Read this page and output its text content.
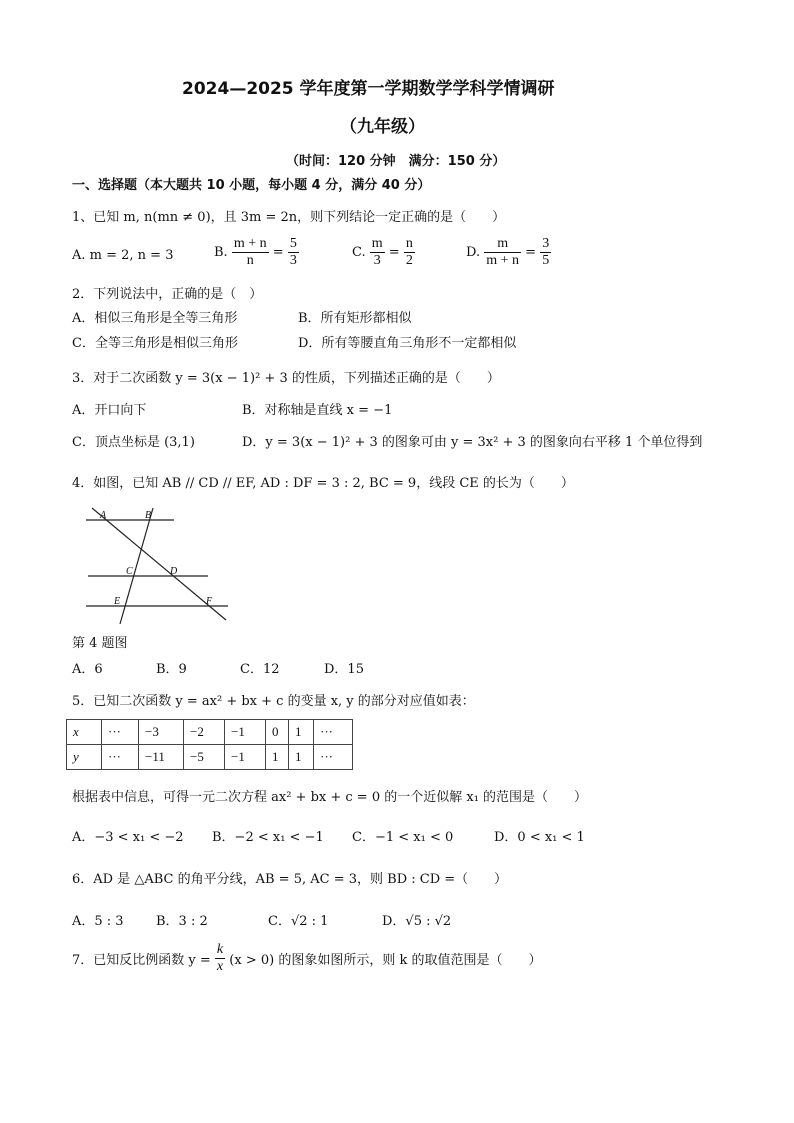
2024—2025 学年度第一学期数学学科学情调研
（九年级）
（时间：120 分钟　满分：150 分）
一、选择题（本大题共 10 小题，每小题 4 分，满分 40 分）
1、已知 m, n(mn ≠ 0)，且 3m = 2n，则下列结论一定正确的是（　　）
A. m = 2, n = 3	B. $\frac{m + n}{n} = \frac{5}{3}$	C. $\frac{m}{3} = \frac{n}{2}$	D. $\frac{m}{m + n} = \frac{3}{5}$
2．下列说法中，正确的是（　）
A．相似三角形是全等三角形	B．所有矩形都相似
C．全等三角形是相似三角形	D．所有等腰直角三角形不一定都相似
3．对于二次函数 y = 3(x − 1)² + 3 的性质，下列描述正确的是（　　）
A．开口向下	B．对称轴是直线 x = −1
C．顶点坐标是 (3,1)	D．y = 3(x − 1)² + 3 的图象可由 y = 3x² + 3 的图象向右平移 1 个单位得到
4．如图，已知 AB // CD // EF, AD : DF = 3 : 2, BC = 9，线段 CE 的长为（　　）
A	B
C	D
E	F
第 4 题图
A．6	B．9	C．12	D．15
5．已知二次函数 y = ax² + bx + c 的变量 x, y 的部分对应值如表：
x	···	−3	−2	−1	0	1	···
y	···	−11	−5	−1	1	1	···
根据表中信息，可得一元二次方程 ax² + bx + c = 0 的一个近似解 x₁ 的范围是（　　）
A．−3 < x₁ < −2 B．−2 < x₁ < −1 C．−1 < x₁ < 0	D．0 < x₁ < 1
6．AD 是 △ABC 的角平分线，AB = 5, AC = 3，则 BD : CD =（　　）
A．5 : 3 B．3 : 2	C．√2 : 1	D．√5 : √2
7．已知反比例函数 $y = \frac{k}{x} (x > 0)$ 的图象如图所示，则 k 的取值范围是（　　）
